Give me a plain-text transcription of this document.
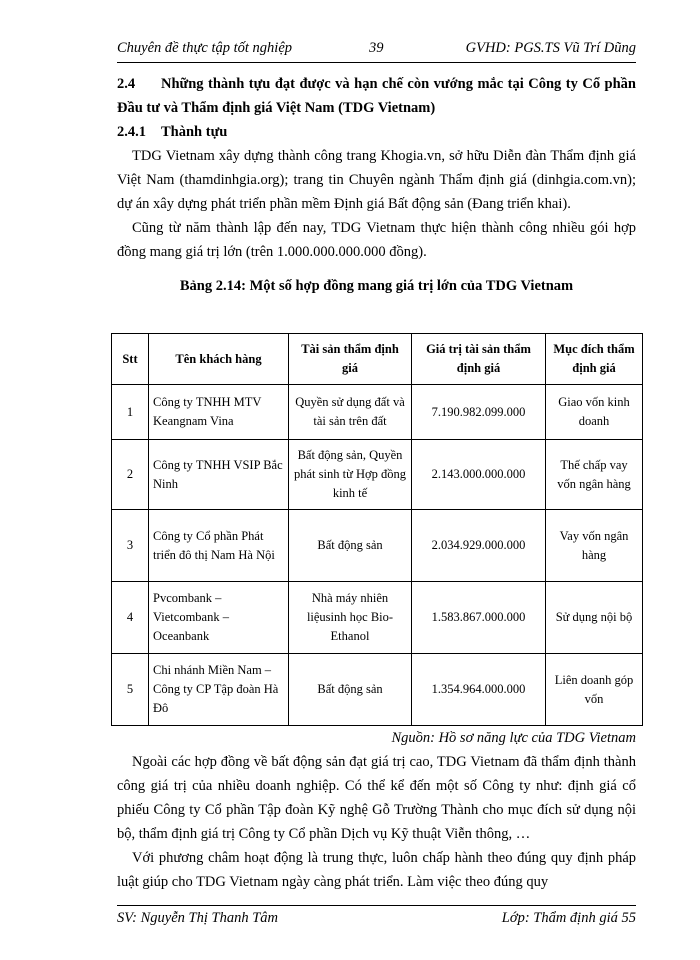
Chuyên đề thực tập tốt nghiệp	39	GVHD: PGS.TS Vũ Trí Dũng

2.4 Những thành tựu đạt được và hạn chế còn vướng mắc tại Công ty Cổ phần Đầu tư và Thẩm định giá Việt Nam (TDG Vietnam)

2.4.1 Thành tựu

TDG Vietnam xây dựng thành công trang Khogia.vn, sở hữu Diễn đàn Thẩm định giá Việt Nam (thamdinhgia.org); trang tin Chuyên ngành Thẩm định giá (dinhgia.com.vn); dự án xây dựng phát triển phần mềm Định giá Bất động sản (Đang triển khai).

Cũng từ năm thành lập đến nay, TDG Vietnam thực hiện thành công nhiều gói hợp đồng mang giá trị lớn (trên 1.000.000.000.000 đồng).

Bảng 2.14: Một số hợp đồng mang giá trị lớn của TDG Vietnam

Stt	Tên khách hàng	Tài sản thẩm định giá	Giá trị tài sản thẩm định giá	Mục đích thẩm định giá
1	Công ty TNHH MTV Keangnam Vina	Quyền sử dụng đất và tài sản trên đất	7.190.982.099.000	Giao vốn kinh doanh
2	Công ty TNHH VSIP Bắc Ninh	Bất động sản, Quyền phát sinh từ Hợp đồng kinh tế	2.143.000.000.000	Thế chấp vay vốn ngân hàng
3	Công ty Cổ phần Phát triển đô thị Nam Hà Nội	Bất động sản	2.034.929.000.000	Vay vốn ngân hàng
4	Pvcombank – Vietcombank – Oceanbank	Nhà máy nhiên liệusinh học Bio-Ethanol	1.583.867.000.000	Sử dụng nội bộ
5	Chi nhánh Miền Nam – Công ty CP Tập đoàn Hà Đô	Bất động sản	1.354.964.000.000	Liên doanh góp vốn
Nguồn: Hồ sơ năng lực của TDG Vietnam

Ngoài các hợp đồng về bất động sản đạt giá trị cao, TDG Vietnam đã thẩm định thành công giá trị của nhiều doanh nghiệp. Có thể kể đến một số Công ty như: định giá cổ phiếu Công ty Cổ phần Tập đoàn Kỹ nghệ Gỗ Trường Thành cho mục đích sử dụng nội bộ, thẩm định giá trị Công ty Cổ phần Dịch vụ Kỹ thuật Viễn thông, …

Với phương châm hoạt động là trung thực, luôn chấp hành theo đúng quy định pháp luật giúp cho TDG Vietnam ngày càng phát triển. Làm việc theo đúng quy

SV: Nguyễn Thị Thanh Tâm	Lớp: Thẩm định giá 55
